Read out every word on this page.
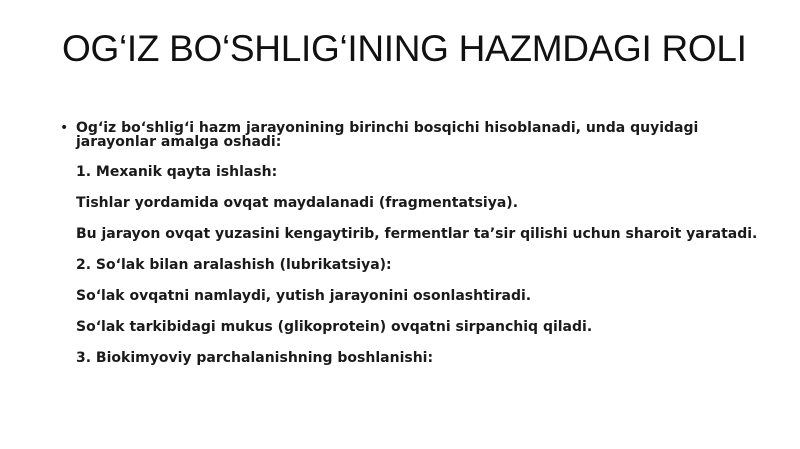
OG‘IZ BO‘SHLIG‘INING HAZMDAGI ROLI
• Og‘iz bo‘shlig‘i hazm jarayonining birinchi bosqichi hisoblanadi, unda quyidagi jarayonlar amalga oshadi:
1. Mexanik qayta ishlash:
Tishlar yordamida ovqat maydalanadi (fragmentatsiya).
Bu jarayon ovqat yuzasini kengaytirib, fermentlar ta’sir qilishi uchun sharoit yaratadi.
2. So‘lak bilan aralashish (lubrikatsiya):
So‘lak ovqatni namlaydi, yutish jarayonini osonlashtiradi.
So‘lak tarkibidagi mukus (glikoprotein) ovqatni sirpanchiq qiladi.
3. Biokimyoviy parchalanishning boshlanishi:
